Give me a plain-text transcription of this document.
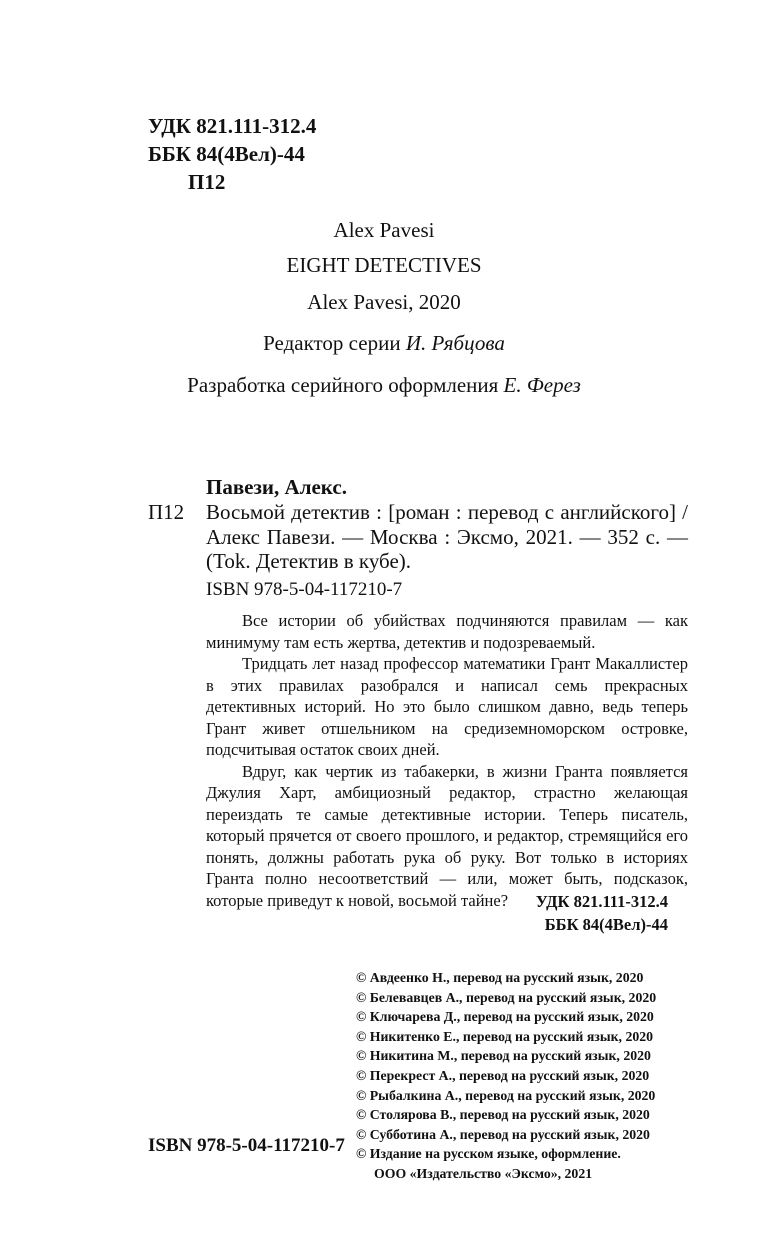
УДК 821.111-312.4
ББК 84(4Вел)-44
П12
Alex Pavesi
EIGHT DETECTIVES
Alex Pavesi, 2020
Редактор серии И. Рябцова
Разработка серийного оформления Е. Ферез
Павези, Алекс.
П12 Восьмой детектив : [роман : перевод с английского] / Алекс Павези. — Москва : Эксмо, 2021. — 352 с. — (Tok. Детектив в кубе).
ISBN 978-5-04-117210-7

Все истории об убийствах подчиняются правилам — как минимуму там есть жертва, детектив и подозреваемый.

Тридцать лет назад профессор математики Грант Макаллистер в этих правилах разобрался и написал семь прекрасных детективных историй. Но это было слишком давно, ведь теперь Грант живет отшельником на средиземноморском островке, подсчитывая остаток своих дней.

Вдруг, как чертик из табакерки, в жизни Гранта появляется Джулия Харт, амбициозный редактор, страстно желающая переиздать те самые детективные истории. Теперь писатель, который прячется от своего прошлого, и редактор, стремящийся его понять, должны работать рука об руку. Вот только в историях Гранта полно несоответствий — или, может быть, подсказок, которые приведут к новой, восьмой тайне?	УДК 821.111-312.4
ББК 84(4Вел)-44
© Авдеенко Н., перевод на русский язык, 2020
© Белевавцев А., перевод на русский язык, 2020
© Ключарева Д., перевод на русский язык, 2020
© Никитенко Е., перевод на русский язык, 2020
© Никитина М., перевод на русский язык, 2020
© Перекрест А., перевод на русский язык, 2020
© Рыбалкина А., перевод на русский язык, 2020
© Столярова В., перевод на русский язык, 2020
© Субботина А., перевод на русский язык, 2020
© Издание на русском языке, оформление.
ООО «Издательство «Эксмо», 2021
ISBN 978-5-04-117210-7
